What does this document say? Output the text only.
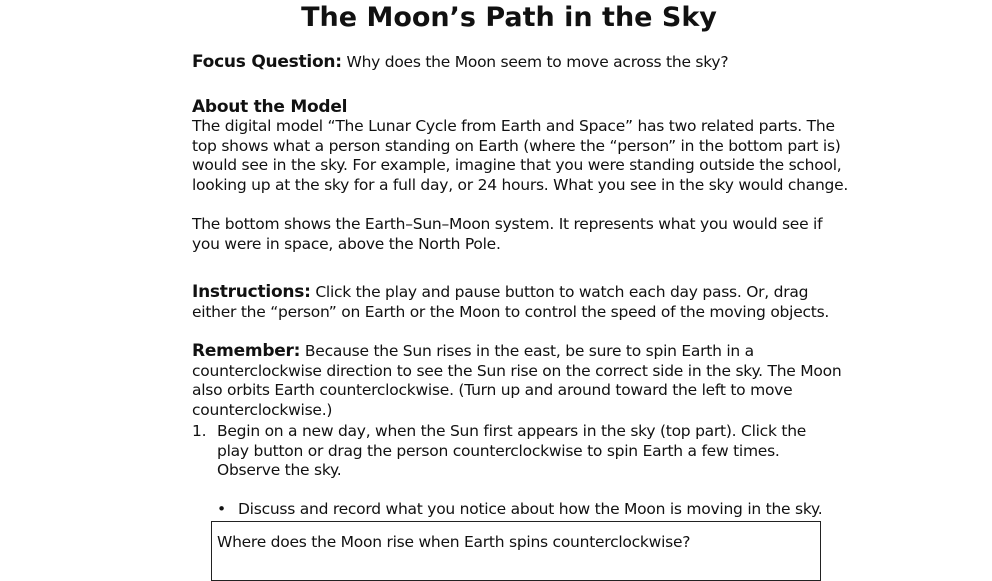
The Moon’s Path in the Sky
Focus Question: Why does the Moon seem to move across the sky?
About the Model
The digital model “The Lunar Cycle from Earth and Space” has two related parts. The top shows what a person standing on Earth (where the “person” in the bottom part is) would see in the sky. For example, imagine that you were standing outside the school, looking up at the sky for a full day, or 24 hours. What you see in the sky would change.
The bottom shows the Earth–Sun–Moon system. It represents what you would see if you were in space, above the North Pole.
Instructions: Click the play and pause button to watch each day pass. Or, drag either the “person” on Earth or the Moon to control the speed of the moving objects.
Remember: Because the Sun rises in the east, be sure to spin Earth in a counterclockwise direction to see the Sun rise on the correct side in the sky. The Moon also orbits Earth counterclockwise. (Turn up and around toward the left to move counterclockwise.)
1. Begin on a new day, when the Sun first appears in the sky (top part). Click the play button or drag the person counterclockwise to spin Earth a few times. Observe the sky.
• Discuss and record what you notice about how the Moon is moving in the sky.
Where does the Moon rise when Earth spins counterclockwise?
